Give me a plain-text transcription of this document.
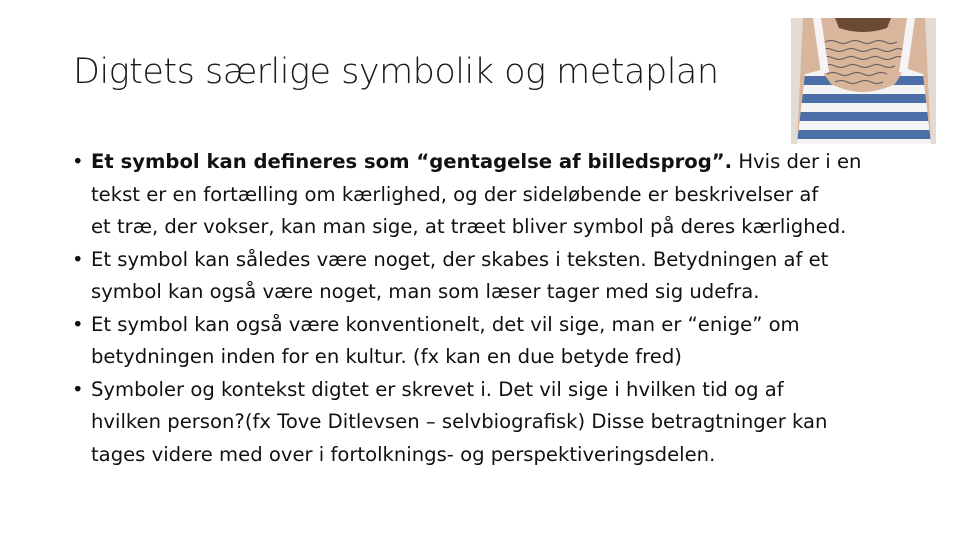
Digtets særlige symbolik og metaplan
• Et symbol kan defineres som “gentagelse af billedsprog”. Hvis der i en
tekst er en fortælling om kærlighed, og der sideløbende er beskrivelser af
et træ, der vokser, kan man sige, at træet bliver symbol på deres kærlighed.
• Et symbol kan således være noget, der skabes i teksten. Betydningen af et
symbol kan også være noget, man som læser tager med sig udefra.
• Et symbol kan også være konventionelt, det vil sige, man er “enige” om
betydningen inden for en kultur. (fx kan en due betyde fred)
• Symboler og kontekst digtet er skrevet i. Det vil sige i hvilken tid og af
hvilken person?(fx Tove Ditlevsen – selvbiografisk) Disse betragtninger kan
tages videre med over i fortolknings- og perspektiveringsdelen.
